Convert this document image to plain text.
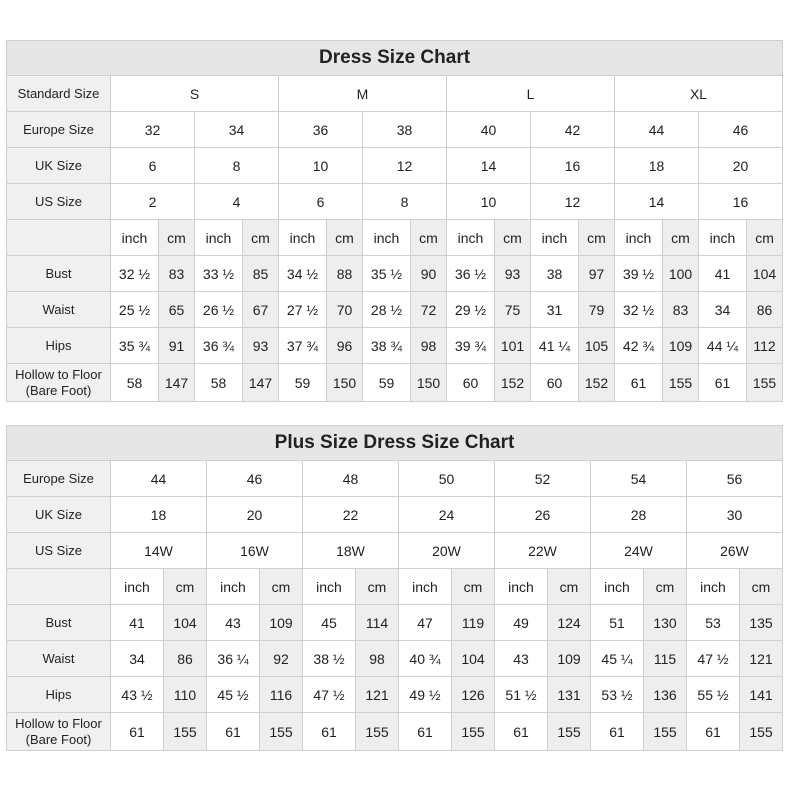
Dress Size Chart																
Standard Size	S				M				L				XL			
Europe Size	32		34		36		38		40		42		44		46	
UK Size	6		8		10		12		14		16		18		20	
US Size	2		4		6		8		10		12		14		16	
	inch	cm	inch	cm	inch	cm	inch	cm	inch	cm	inch	cm	inch	cm	inch	cm
Bust	32 ½	83	33 ½	85	34 ½	88	35 ½	90	36 ½	93	38	97	39 ½	100	41	104
Waist	25 ½	65	26 ½	67	27 ½	70	28 ½	72	29 ½	75	31	79	32 ½	83	34	86
Hips	35 ¾	91	36 ¾	93	37 ¾	96	38 ¾	98	39 ¾	101	41 ¼	105	42 ¾	109	44 ¼	112
Hollow to Floor
(Bare Foot)	58	147	58	147	59	150	59	150	60	152	60	152	61	155	61	155
Plus Size Dress Size Chart														
Europe Size	44		46		48		50		52		54		56	
UK Size	18		20		22		24		26		28		30	
US Size	14W		16W		18W		20W		22W		24W		26W	
	inch	cm	inch	cm	inch	cm	inch	cm	inch	cm	inch	cm	inch	cm
Bust	41	104	43	109	45	114	47	119	49	124	51	130	53	135
Waist	34	86	36 ¼	92	38 ½	98	40 ¾	104	43	109	45 ¼	115	47 ½	121
Hips	43 ½	110	45 ½	116	47 ½	121	49 ½	126	51 ½	131	53 ½	136	55 ½	141
Hollow to Floor
(Bare Foot)	61	155	61	155	61	155	61	155	61	155	61	155	61	155
